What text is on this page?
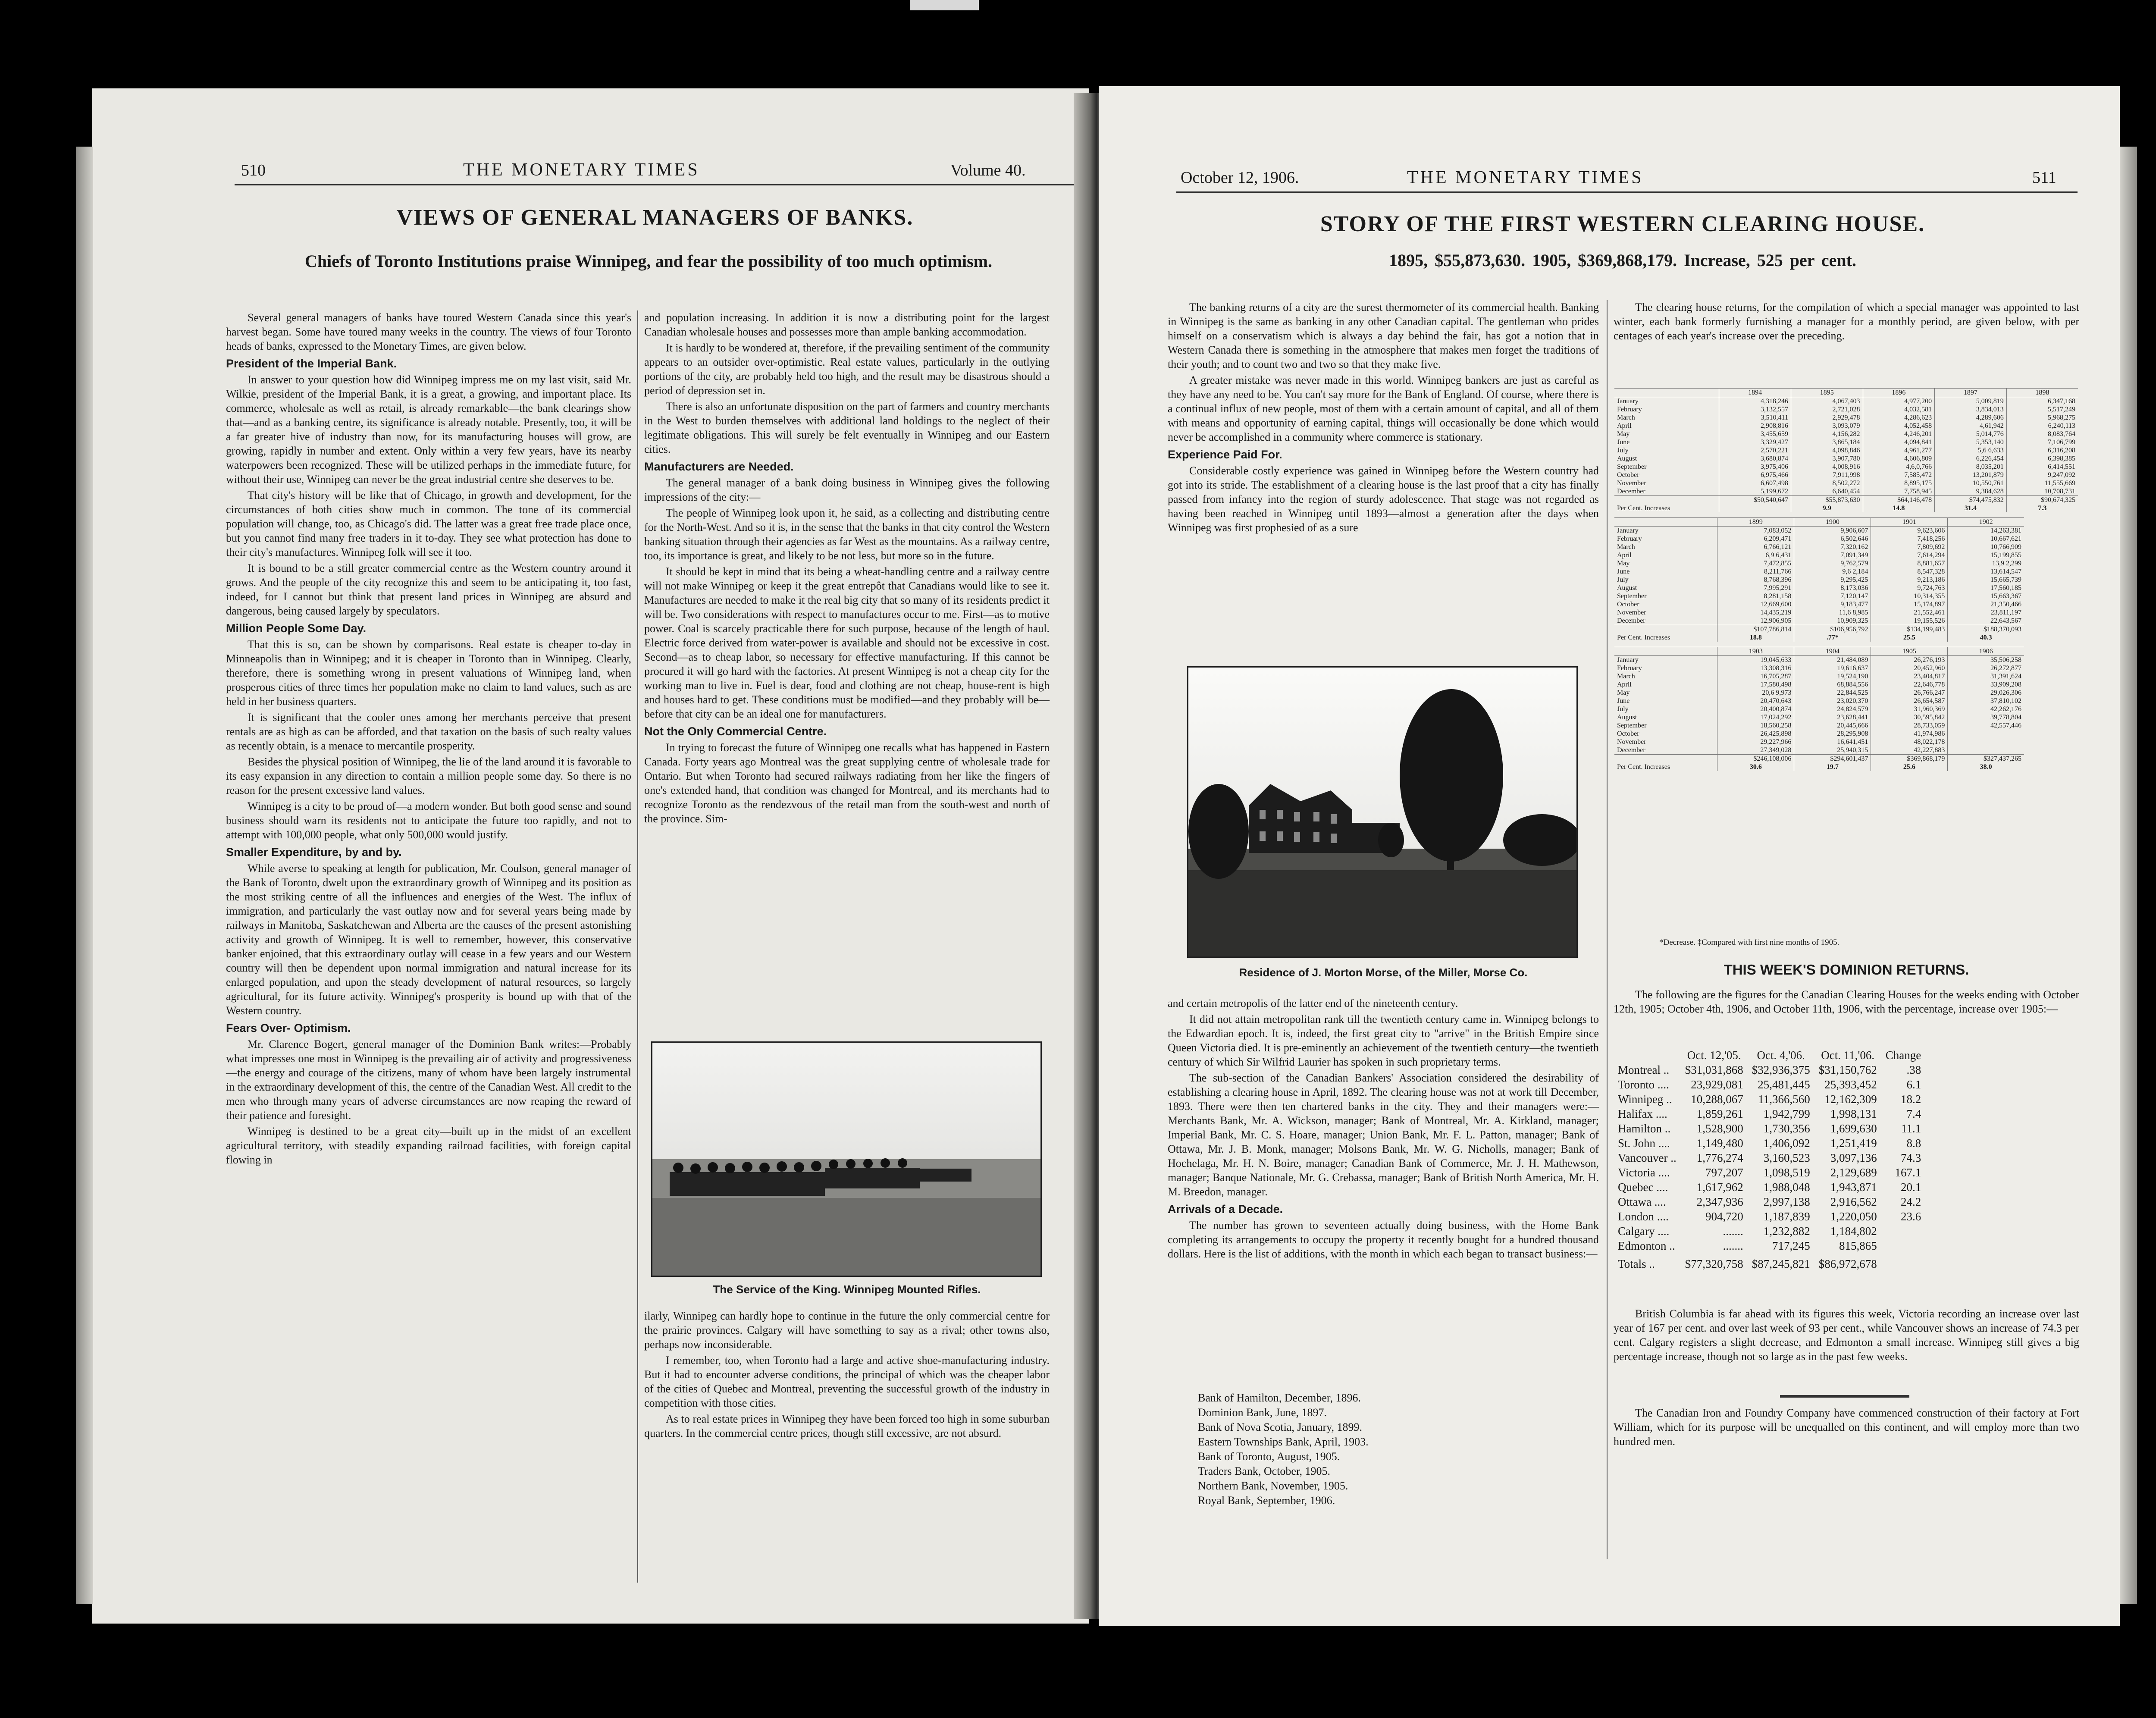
510	THE MONETARY TIMES	Volume 40.
VIEWS OF GENERAL MANAGERS OF BANKS.
Chiefs of Toronto Institutions praise Winnipeg, and fear the possibility of too much optimism.

Several general managers of banks have toured Western Canada since this year's harvest began. Some have toured many weeks in the country. The views of four Toronto heads of banks, expressed to the Monetary Times, are given below.

President of the Imperial Bank.

In answer to your question how did Winnipeg impress me on my last visit, said Mr. Wilkie, president of the Imperial Bank, it is a great, a growing, and important place. Its commerce, wholesale as well as retail, is already remarkable—the bank clearings show that—and as a banking centre, its significance is already notable. Presently, too, it will be a far greater hive of industry than now, for its manufacturing houses will grow, are growing, rapidly in number and extent. Only within a very few years, have its nearby waterpowers been recognized. These will be utilized perhaps in the immediate future, for without their use, Winnipeg can never be the great industrial centre she deserves to be.

That city's history will be like that of Chicago, in growth and development, for the circumstances of both cities show much in common. The tone of its commercial population will change, too, as Chicago's did. The latter was a great free trade place once, but you cannot find many free traders in it to-day. They see what protection has done to their city's manufactures. Winnipeg folk will see it too.

It is bound to be a still greater commercial centre as the Western country around it grows. And the people of the city recognize this and seem to be anticipating it, too fast, indeed, for I cannot but think that present land prices in Winnipeg are absurd and dangerous, being caused largely by speculators.

Million People Some Day.

That this is so, can be shown by comparisons. Real estate is cheaper to-day in Minneapolis than in Winnipeg; and it is cheaper in Toronto than in Winnipeg. Clearly, therefore, there is something wrong in present valuations of Winnipeg land, when prosperous cities of three times her population make no claim to land values, such as are held in her business quarters.

It is significant that the cooler ones among her merchants perceive that present rentals are as high as can be afforded, and that taxation on the basis of such realty values as recently obtain, is a menace to mercantile prosperity.

Besides the physical position of Winnipeg, the lie of the land around it is favorable to its easy expansion in any direction to contain a million people some day. So there is no reason for the present excessive land values.

Winnipeg is a city to be proud of—a modern wonder. But both good sense and sound business should warn its residents not to anticipate the future too rapidly, and not to attempt with 100,000 people, what only 500,000 would justify.

Smaller Expenditure, by and by.

While averse to speaking at length for publication, Mr. Coulson, general manager of the Bank of Toronto, dwelt upon the extraordinary growth of Winnipeg and its position as the most striking centre of all the influences and energies of the West. The influx of immigration, and particularly the vast outlay now and for several years being made by railways in Manitoba, Saskatchewan and Alberta are the causes of the present astonishing activity and growth of Winnipeg. It is well to remember, however, this conservative banker enjoined, that this extraordinary outlay will cease in a few years and our Western country will then be dependent upon normal immigration and natural increase for its enlarged population, and upon the steady development of natural resources, so largely agricultural, for its future activity. Winnipeg's prosperity is bound up with that of the Western country.

Fears Over- Optimism.

Mr. Clarence Bogert, general manager of the Dominion Bank writes:—Probably what impresses one most in Winnipeg is the prevailing air of activity and progressiveness—the energy and courage of the citizens, many of whom have been largely instrumental in the extraordinary development of this, the centre of the Canadian West. All credit to the men who through many years of adverse circumstances are now reaping the reward of their patience and foresight.

Winnipeg is destined to be a great city—built up in the midst of an excellent agricultural territory, with steadily expanding railroad facilities, with foreign capital flowing in

and population increasing. In addition it is now a distributing point for the largest Canadian wholesale houses and possesses more than ample banking accommodation.

It is hardly to be wondered at, therefore, if the prevailing sentiment of the community appears to an outsider over-optimistic. Real estate values, particularly in the outlying portions of the city, are probably held too high, and the result may be disastrous should a period of depression set in.

There is also an unfortunate disposition on the part of farmers and country merchants in the West to burden themselves with additional land holdings to the neglect of their legitimate obligations. This will surely be felt eventually in Winnipeg and our Eastern cities.

Manufacturers are Needed.

The general manager of a bank doing business in Winnipeg gives the following impressions of the city:—

The people of Winnipeg look upon it, he said, as a collecting and distributing centre for the North-West. And so it is, in the sense that the banks in that city control the Western banking situation through their agencies as far West as the mountains. As a railway centre, too, its importance is great, and likely to be not less, but more so in the future.

It should be kept in mind that its being a wheat-handling centre and a railway centre will not make Winnipeg or keep it the great entrepôt that Canadians would like to see it. Manufactures are needed to make it the real big city that so many of its residents predict it will be. Two considerations with respect to manufactures occur to me. First—as to motive power. Coal is scarcely practicable there for such purpose, because of the length of haul. Electric force derived from water-power is available and should not be excessive in cost. Second—as to cheap labor, so necessary for effective manufacturing. If this cannot be procured it will go hard with the factories. At present Winnipeg is not a cheap city for the working man to live in. Fuel is dear, food and clothing are not cheap, house-rent is high and houses hard to get. These conditions must be modified—and they probably will be—before that city can be an ideal one for manufacturers.

Not the Only Commercial Centre.

In trying to forecast the future of Winnipeg one recalls what has happened in Eastern Canada. Forty years ago Montreal was the great supplying centre of wholesale trade for Ontario. But when Toronto had secured railways radiating from her like the fingers of one's extended hand, that condition was changed for Montreal, and its merchants had to recognize Toronto as the rendezvous of the retail man from the south-west and north of the province. Sim-

The Service of the King. Winnipeg Mounted Rifles.

ilarly, Winnipeg can hardly hope to continue in the future the only commercial centre for the prairie provinces. Calgary will have something to say as a rival; other towns also, perhaps now inconsiderable.

I remember, too, when Toronto had a large and active shoe-manufacturing industry. But it had to encounter adverse conditions, the principal of which was the cheaper labor of the cities of Quebec and Montreal, preventing the successful growth of the industry in competition with those cities.

As to real estate prices in Winnipeg they have been forced too high in some suburban quarters. In the commercial centre prices, though still excessive, are not absurd.

October 12, 1906.	THE MONETARY TIMES	511
STORY OF THE FIRST WESTERN CLEARING HOUSE.
1895, $55,873,630. 1905, $369,868,179. Increase, 525 per cent.

The banking returns of a city are the surest thermometer of its commercial health. Banking in Winnipeg is the same as banking in any other Canadian capital. The gentleman who prides himself on a conservatism which is always a day behind the fair, has got a notion that in Western Canada there is something in the atmosphere that makes men forget the traditions of their youth; and to count two and two so that they make five.

A greater mistake was never made in this world. Winnipeg bankers are just as careful as they have any need to be. You can't say more for the Bank of England. Of course, where there is a continual influx of new people, most of them with a certain amount of capital, and all of them with means and opportunity of earning capital, things will occasionally be done which would never be accomplished in a community where commerce is stationary.

Experience Paid For.

Considerable costly experience was gained in Winnipeg before the Western country had got into its stride. The establishment of a clearing house is the last proof that a city has finally passed from infancy into the region of sturdy adolescence. That stage was not regarded as having been reached in Winnipeg until 1893—almost a generation after the days when Winnipeg was first prophesied of as a sure

Residence of J. Morton Morse, of the Miller, Morse Co.

and certain metropolis of the latter end of the nineteenth century.

It did not attain metropolitan rank till the twentieth century came in. Winnipeg belongs to the Edwardian epoch. It is, indeed, the first great city to "arrive" in the British Empire since Queen Victoria died. It is pre-eminently an achievement of the twentieth century—the twentieth century of which Sir Wilfrid Laurier has spoken in such proprietary terms.

The sub-section of the Canadian Bankers' Association considered the desirability of establishing a clearing house in April, 1892. The clearing house was not at work till December, 1893. There were then ten chartered banks in the city. They and their managers were:—Merchants Bank, Mr. A. Wickson, manager; Bank of Montreal, Mr. A. Kirkland, manager; Imperial Bank, Mr. C. S. Hoare, manager; Union Bank, Mr. F. L. Patton, manager; Bank of Ottawa, Mr. J. B. Monk, manager; Molsons Bank, Mr. W. G. Nicholls, manager; Bank of Hochelaga, Mr. H. N. Boire, manager; Canadian Bank of Commerce, Mr. J. H. Mathewson, manager; Banque Nationale, Mr. G. Crebassa, manager; Bank of British North America, Mr. H. M. Breedon, manager.

Arrivals of a Decade.

The number has grown to seventeen actually doing business, with the Home Bank completing its arrangements to occupy the property it recently bought for a hundred thousand dollars. Here is the list of additions, with the month in which each began to transact business:—

Bank of Hamilton, December, 1896.
Dominion Bank, June, 1897.
Bank of Nova Scotia, January, 1899.
Eastern Townships Bank, April, 1903.
Bank of Toronto, August, 1905.
Traders Bank, October, 1905.
Northern Bank, November, 1905.
Royal Bank, September, 1906.

The clearing house returns, for the compilation of which a special manager was appointed to last winter, each bank formerly furnishing a manager for a monthly period, are given below, with per centages of each year's increase over the preceding.

	1894	1895	1896	1897	1898
January	4,318,246	4,067,403	4,977,200	5,009,819	6,347,168
February	3,132,557	2,721,028	4,032,581	3,834,013	5,517,249
March	3,510,411	2,929,478	4,286,623	4,289,606	5,968,275
April	2,908,816	3,093,079	4,052,458	4,61,942	6,240,113
May	3,455,659	4,156,282	4,246,201	5,014,776	8,083,764
June	3,329,427	3,865,184	4,094,841	5,353,140	7,106,799
July	2,570,221	4,098,846	4,961,277	5,6 6,633	6,316,208
August	3,680,874	3,907,780	4,606,809	6,226,454	6,398,385
September	3,975,406	4,008,916	4,6,0,766	8,035,201	6,414,551
October	6,975,466	7,911,998	7,585,472	13,201,879	9,247,092
November	6,607,498	8,502,272	8,895,175	10,550,761	11,555,669
December	5,199,672	6,640,454	7,758,945	9,384,628	10,708,731
	$50,540,647	$55,873,630	$64,146,478	$74,475,832	$90,674,325
Per Cent. Increases		9.9	14.8	31.4	7.3
	1899	1900	1901	1902
January	7,083,052	9,906,607	9,623,606	14,263,381
February	6,209,471	6,502,646	7,418,256	10,667,621
March	6,766,121	7,320,162	7,809,692	10,766,909
April	6,9 6,431	7,091,349	7,614,294	15,199,855
May	7,472,855	9,762,579	8,881,657	13,9 2,299
June	8,211,766	9,6 2,184	8,547,328	13,614,547
July	8,768,396	9,295,425	9,213,186	15,665,739
August	7,995,291	8,173,036	9,724,763	17,560,185
September	8,281,158	7,120,147	10,314,355	15,663,367
October	12,669,600	9,183,477	15,174,897	21,350,466
November	14,435,219	11,6 8,985	21,552,461	23,811,197
December	12,906,905	10,909,325	19,155,526	22,643,567
	$107,786,814	$106,956,792	$134,199,483	$188,370,093
Per Cent. Increases	18.8	.77*	25.5	40.3
	1903	1904	1905	1906
January	19,045,633	21,484,089	26,276,193	35,506,258
February	13,308,316	19,616,637	20,452,960	26,272,877
March	16,705,287	19,524,190	23,404,817	31,391,624
April	17,580,498	68,884,556	22,646,778	33,909,208
May	20,6 9,973	22,844,525	26,766,247	29,026,306
June	20,470,643	23,020,370	26,654,587	37,810,102
July	20,400,874	24,824,579	31,960,369	42,262,176
August	17,024,292	23,628,441	30,595,842	39,778,804
September	18,560,258	20,445,666	28,733,059	42,557,446
October	26,425,898	28,295,908	41,974,986	
November	29,227,966	16,641,451	48,022,178	
December	27,349,028	25,940,315	42,227,883	
	$246,108,006	$294,601,437	$369,868,179	$327,437,265
Per Cent. Increases	30.6	19.7	25.6	38.0
*Decrease. ‡Compared with first nine months of 1905.
THIS WEEK'S DOMINION RETURNS.

The following are the figures for the Canadian Clearing Houses for the weeks ending with October 12th, 1905; October 4th, 1906, and October 11th, 1906, with the percentage, increase over 1905:—

	Oct. 12,'05.	Oct. 4,'06.	Oct. 11,'06.	Change
Montreal ..	$31,031,868	$32,936,375	$31,150,762	.38
Toronto ....	23,929,081	25,481,445	25,393,452	6.1
Winnipeg ..	10,288,067	11,366,560	12,162,309	18.2
Halifax ....	1,859,261	1,942,799	1,998,131	7.4
Hamilton ..	1,528,900	1,730,356	1,699,630	11.1
St. John ....	1,149,480	1,406,092	1,251,419	8.8
Vancouver ..	1,776,274	3,160,523	3,097,136	74.3
Victoria ....	797,207	1,098,519	2,129,689	167.1
Quebec ....	1,617,962	1,988,048	1,943,871	20.1
Ottawa ....	2,347,936	2,997,138	2,916,562	24.2
London ....	904,720	1,187,839	1,220,050	23.6
Calgary ....	.......	1,232,882	1,184,802	
Edmonton ..	.......	717,245	815,865	
Totals ..	$77,320,758	$87,245,821	$86,972,678	

British Columbia is far ahead with its figures this week, Victoria recording an increase over last year of 167 per cent. and over last week of 93 per cent., while Vancouver shows an increase of 74.3 per cent. Calgary registers a slight decrease, and Edmonton a small increase. Winnipeg still gives a big percentage increase, though not so large as in the past few weeks.

The Canadian Iron and Foundry Company have commenced construction of their factory at Fort William, which for its purpose will be unequalled on this continent, and will employ more than two hundred men.
